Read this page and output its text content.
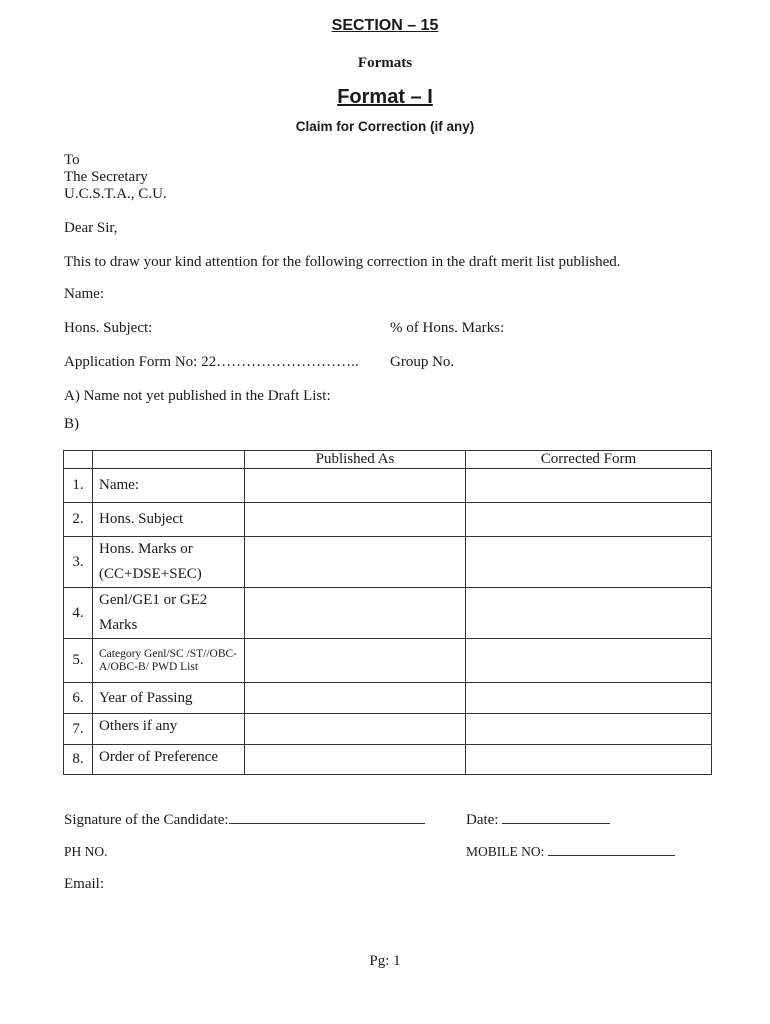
SECTION – 15
Formats
Format – I
Claim for Correction (if any)
To
The Secretary
U.C.S.T.A., C.U.
Dear Sir,
This to draw your kind attention for the following correction in the draft merit list published.
Name:
Hons. Subject:	% of Hons. Marks:
Application Form No: 22……………………….. Group No.
A) Name not yet published in the Draft List:
B)
		Published As	Corrected Form
1.	Name:		
2.	Hons. Subject		
3.	Hons. Marks or (CC+DSE+SEC)		
4.	Genl/GE1 or GE2 Marks		
5.	Category Genl/SC /ST//OBC-A/OBC-B/ PWD List		
6.	Year of Passing		
7.	Others if any		
8.	Order of Preference		
Signature of the Candidate:	Date:
PH NO.	MOBILE NO:
Email:
Pg: 1
